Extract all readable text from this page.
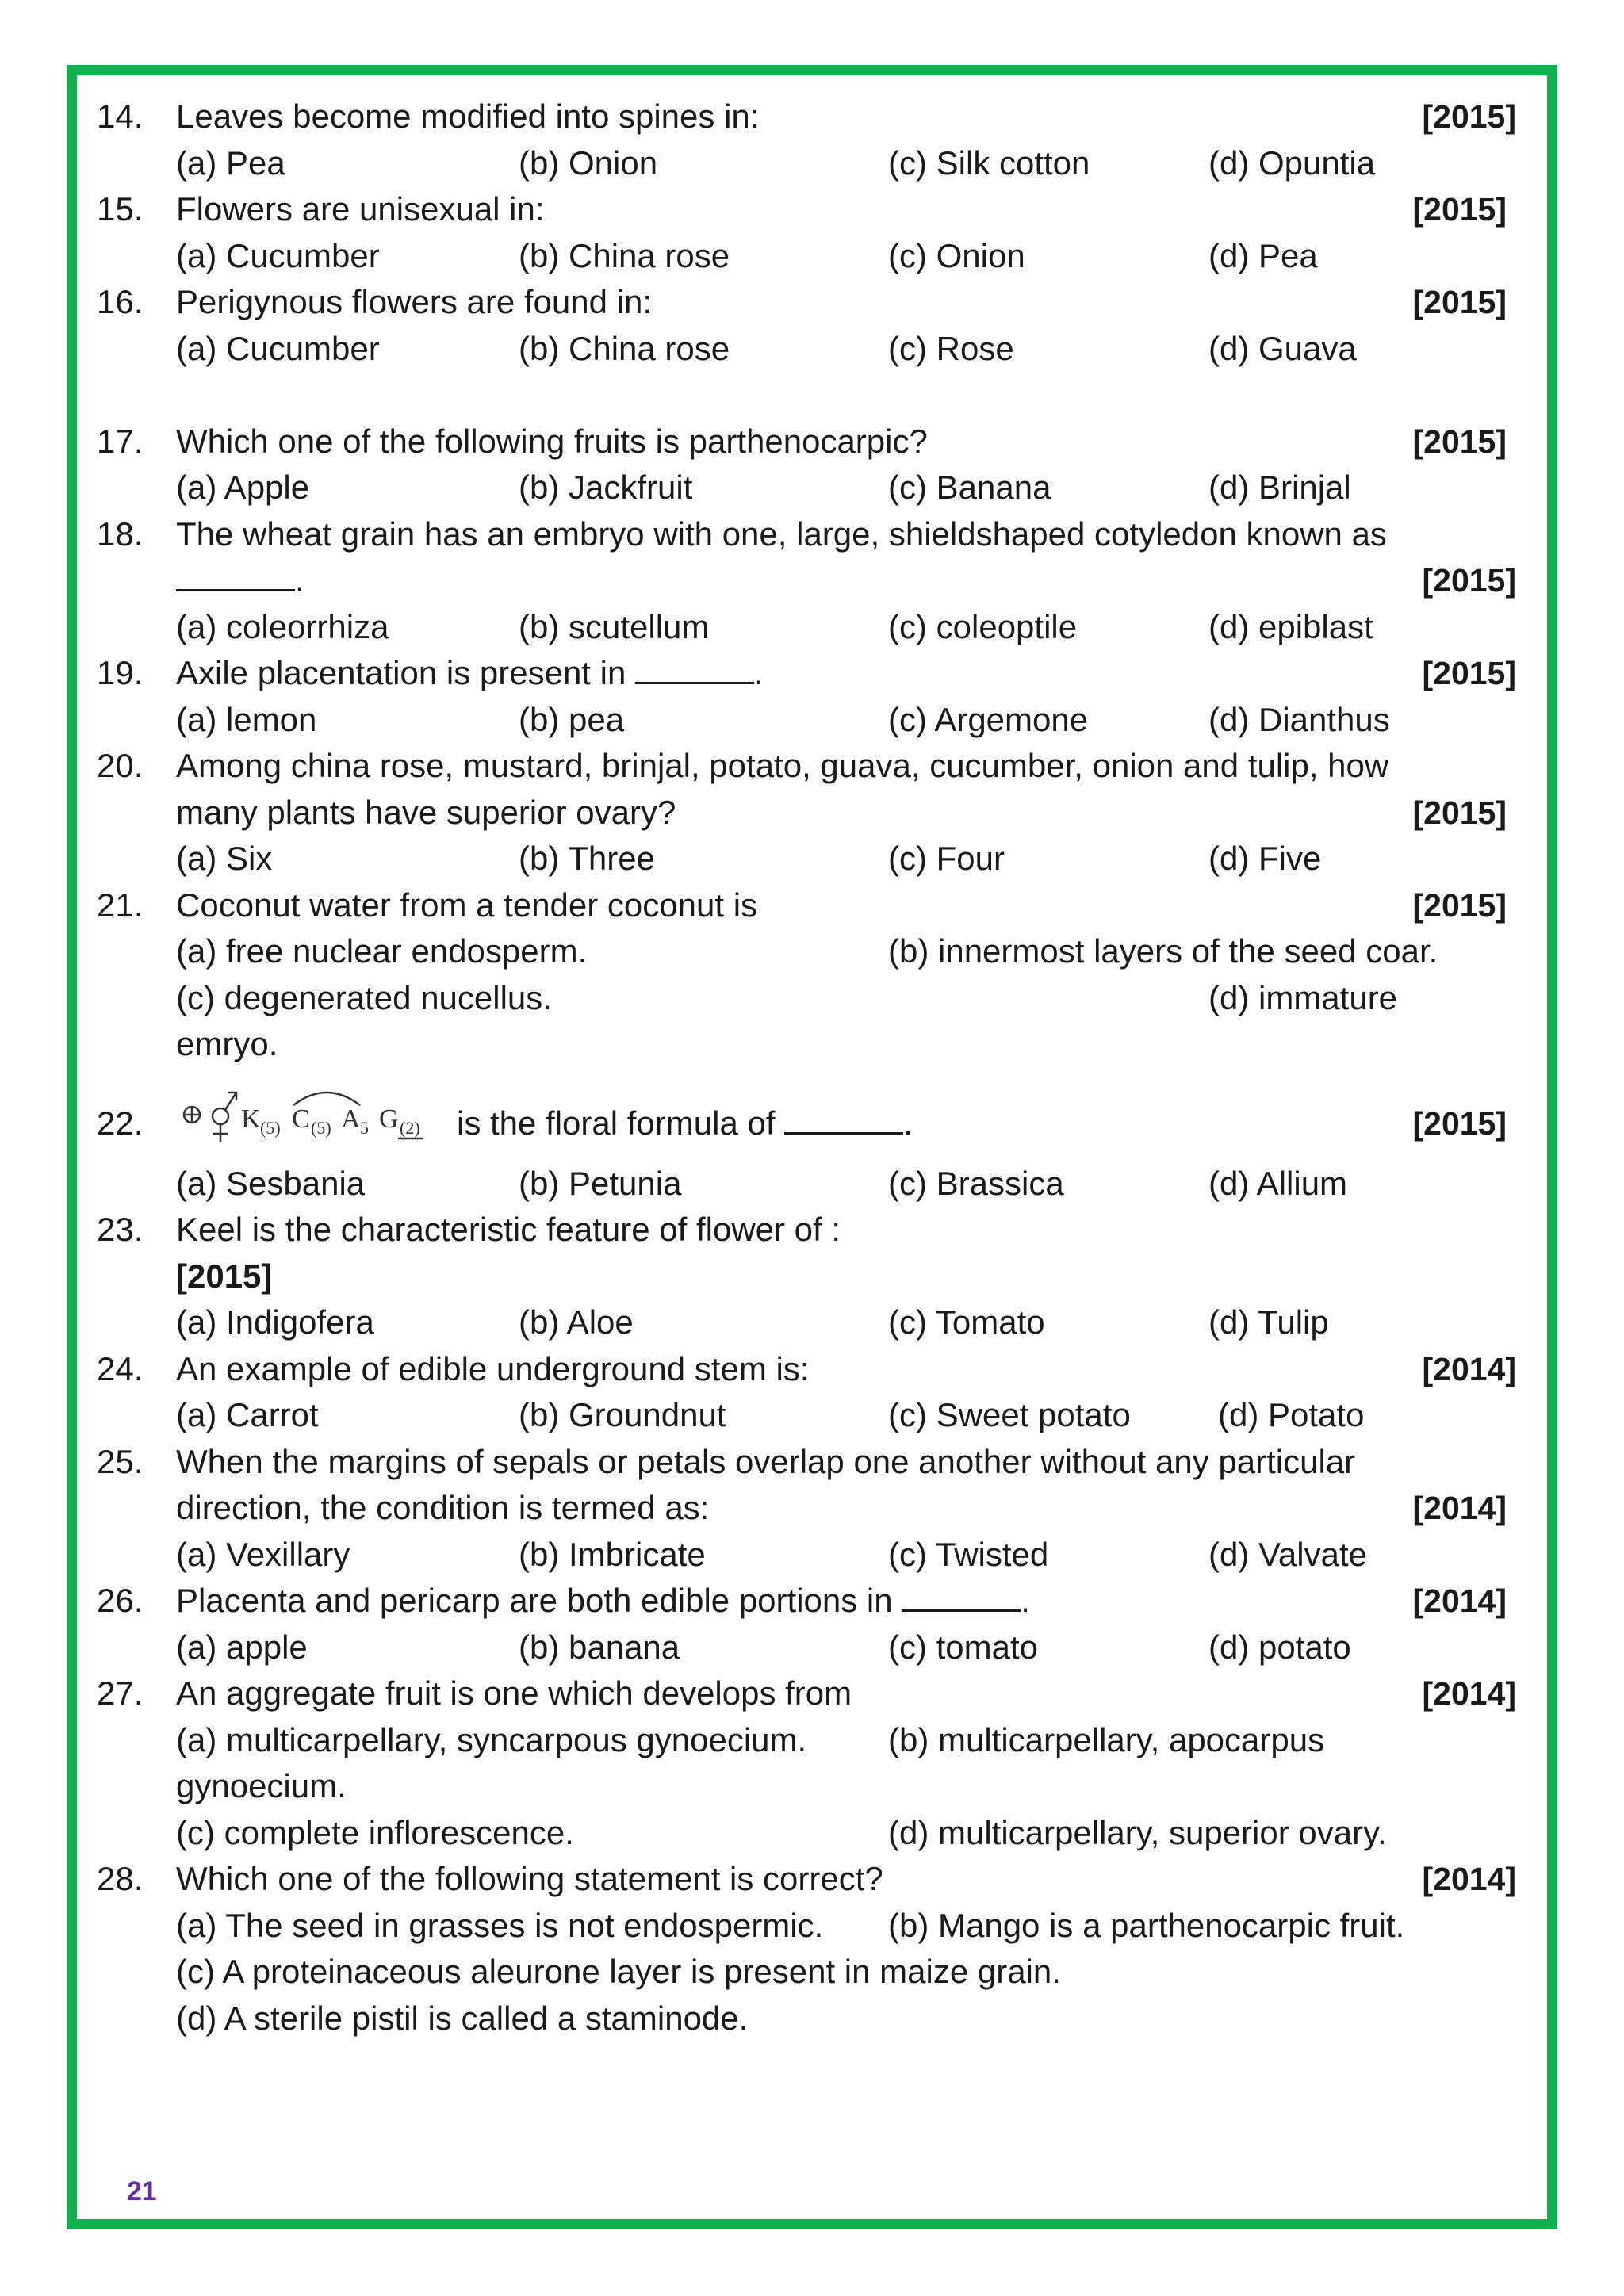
14. Leaves become modified into spines in:	[2015]
(a) Pea	(b) Onion	(c) Silk cotton	(d) Opuntia
15. Flowers are unisexual in:	[2015]
(a) Cucumber	(b) China rose	(c) Onion	(d) Pea
16. Perigynous flowers are found in:	[2015]
(a) Cucumber	(b) China rose	(c) Rose	(d) Guava
17. Which one of the following fruits is parthenocarpic?	[2015]
(a) Apple	(b) Jackfruit	(c) Banana	(d) Brinjal
18. The wheat grain has an embryo with one, large, shieldshaped cotyledon known as
.	[2015]
(a) coleorrhiza	(b) scutellum	(c) coleoptile	(d) epiblast
19. Axile placentation is present in	.	[2015]
(a) lemon	(b) pea	(c) Argemone	(d) Dianthus
20. Among china rose, mustard, brinjal, potato, guava, cucumber, onion and tulip, how
many plants have superior ovary?	[2015]
(a) Six	(b) Three	(c) Four	(d) Five
21. Coconut water from a tender coconut is	[2015]
(a) free nuclear endosperm.	(b) innermost layers of the seed coar.
(c) degenerated nucellus.	(d) immature
emryo.
22.	K (5) C (5) A 5 G (2) is the floral formula of	.	[2015]
(a) Sesbania	(b) Petunia	(c) Brassica	(d) Allium
23. Keel is the characteristic feature of flower of :
[2015]
(a) Indigofera	(b) Aloe	(c) Tomato	(d) Tulip
24. An example of edible underground stem is:	[2014]
(a) Carrot	(b) Groundnut	(c) Sweet potato	(d) Potato
25. When the margins of sepals or petals overlap one another without any particular
direction, the condition is termed as:	[2014]
(a) Vexillary	(b) Imbricate	(c) Twisted	(d) Valvate
26. Placenta and pericarp are both edible portions in	.	[2014]
(a) apple	(b) banana	(c) tomato	(d) potato
27. An aggregate fruit is one which develops from	[2014]
(a) multicarpellary, syncarpous gynoecium. (b) multicarpellary, apocarpus
gynoecium.
(c) complete inflorescence.	(d) multicarpellary, superior ovary.
28. Which one of the following statement is correct?	[2014]
(a) The seed in grasses is not endospermic. (b) Mango is a parthenocarpic fruit.
(c) A proteinaceous aleurone layer is present in maize grain.
(d) A sterile pistil is called a staminode.
21
